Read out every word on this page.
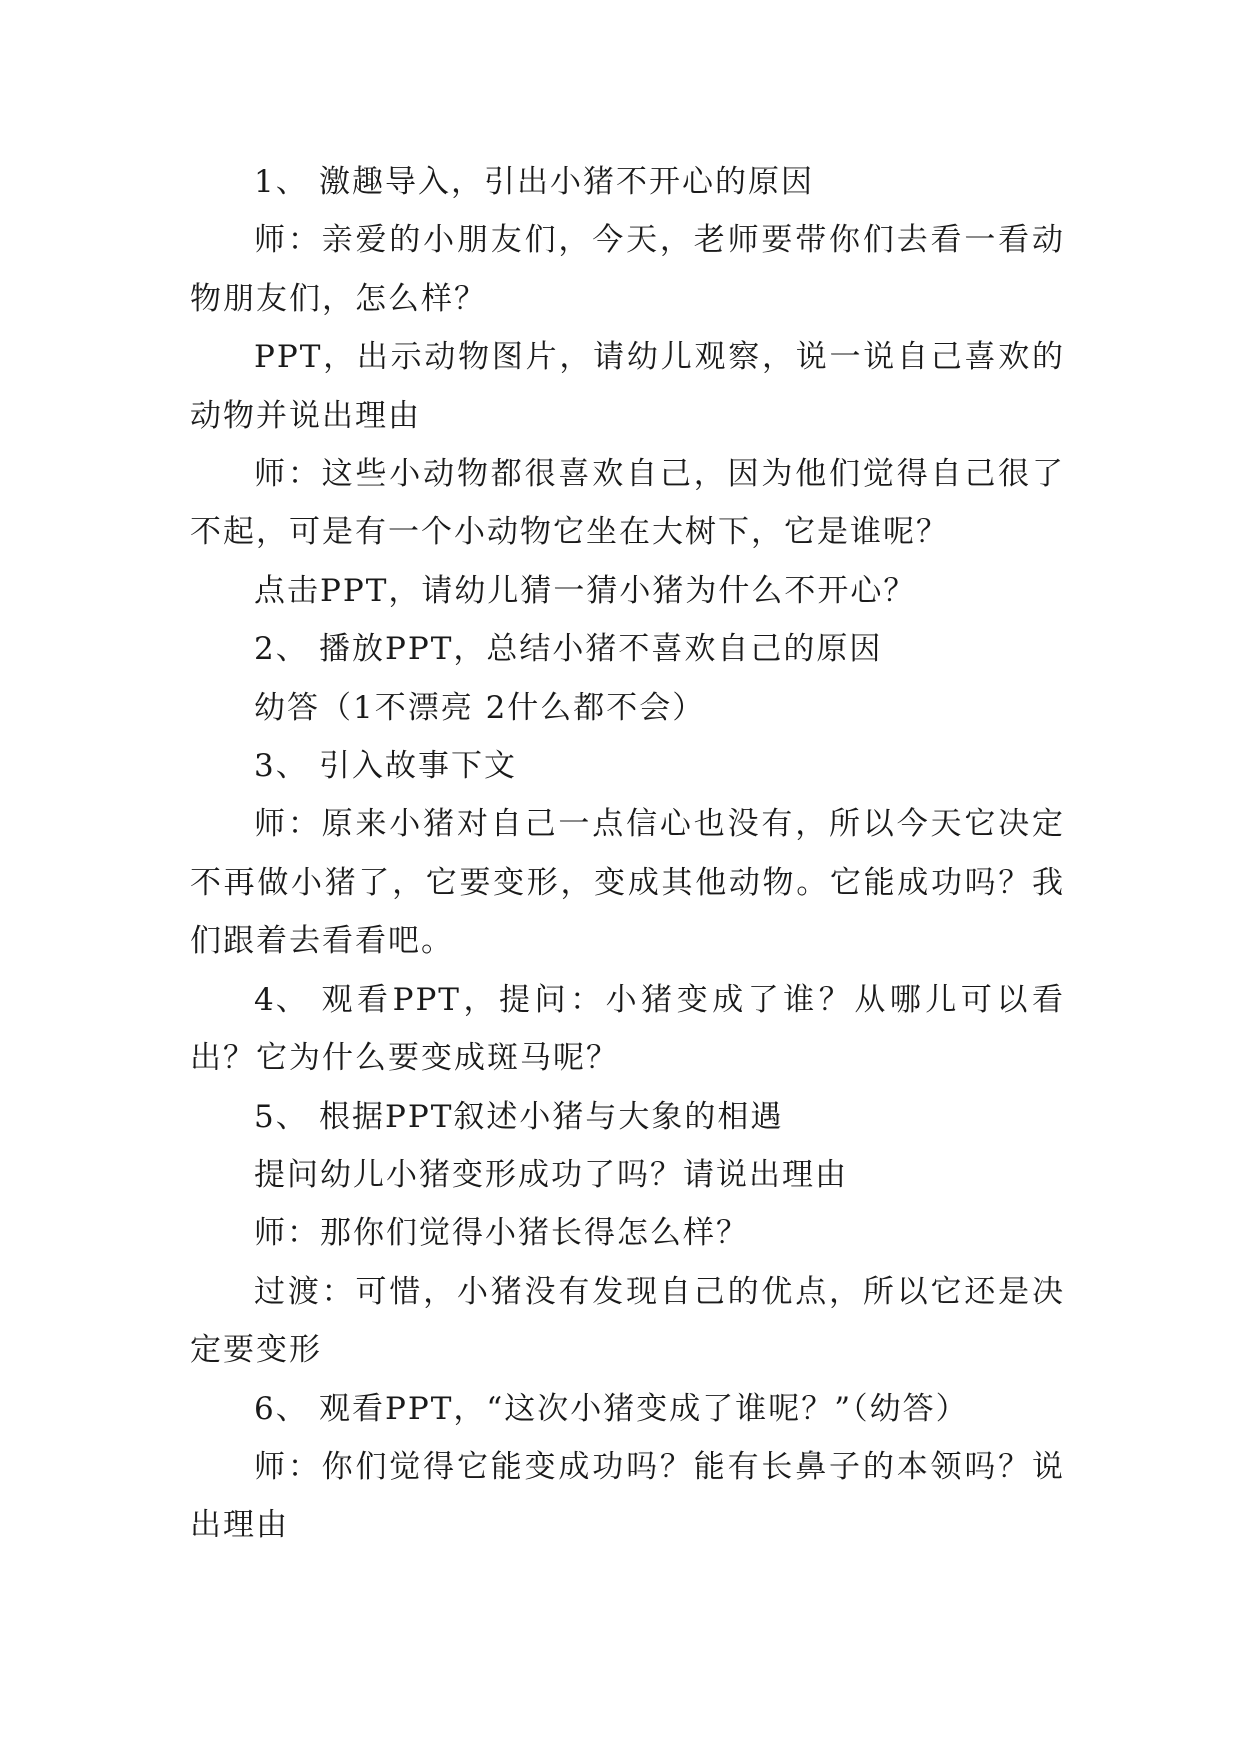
1、 激趣导入，引出小猪不开心的原因

师：亲爱的小朋友们，今天，老师要带你们去看一看动物朋友们，怎么样？

PPT，出示动物图片，请幼儿观察，说一说自己喜欢的动物并说出理由

师：这些小动物都很喜欢自己，因为他们觉得自己很了不起，可是有一个小动物它坐在大树下，它是谁呢？

点击PPT，请幼儿猜一猜小猪为什么不开心？

2、 播放PPT，总结小猪不喜欢自己的原因

幼答（1不漂亮 2什么都不会）

3、 引入故事下文

师：原来小猪对自己一点信心也没有，所以今天它决定不再做小猪了，它要变形，变成其他动物。它能成功吗？我们跟着去看看吧。

4、 观看PPT，提问：小猪变成了谁？从哪儿可以看出？它为什么要变成斑马呢？

5、 根据PPT叙述小猪与大象的相遇

提问幼儿小猪变形成功了吗？请说出理由

师：那你们觉得小猪长得怎么样？

过渡：可惜，小猪没有发现自己的优点，所以它还是决定要变形

6、 观看PPT，“这次小猪变成了谁呢？”（幼答）

师：你们觉得它能变成功吗？能有长鼻子的本领吗？说出理由
